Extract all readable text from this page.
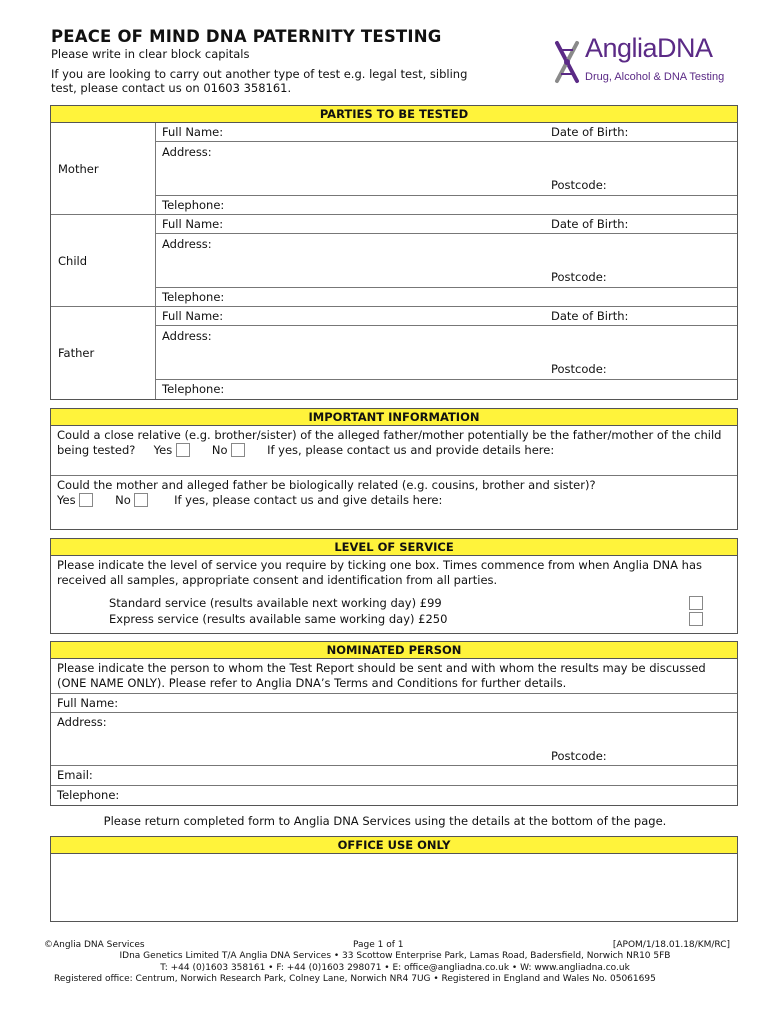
PEACE OF MIND DNA PATERNITY TESTING
Please write in clear block capitals
If you are looking to carry out another type of test e.g. legal test, sibling test, please contact us on 01603 358161.
AngliaDNA
Drug, Alcohol & DNA Testing
PARTIES TO BE TESTED
Mother
Full Name:	Date of Birth:
Address:
Postcode:
Telephone:
Child
Full Name:	Date of Birth:
Address:
Postcode:
Telephone:
Father
Full Name:	Date of Birth:
Address:
Postcode:
Telephone:
IMPORTANT INFORMATION
Could a close relative (e.g. brother/sister) of the alleged father/mother potentially be the father/mother of the child being tested? Yes	No	If yes, please contact us and provide details here:
Could the mother and alleged father be biologically related (e.g. cousins, brother and sister)?
Yes	No	If yes, please contact us and give details here:
LEVEL OF SERVICE
Please indicate the level of service you require by ticking one box. Times commence from when Anglia DNA has received all samples, appropriate consent and identification from all parties.
Standard service (results available next working day) £99
Express service (results available same working day) £250
NOMINATED PERSON
Please indicate the person to whom the Test Report should be sent and with whom the results may be discussed (ONE NAME ONLY). Please refer to Anglia DNA’s Terms and Conditions for further details.
Full Name:
Address:
Postcode:
Email:
Telephone:
Please return completed form to Anglia DNA Services using the details at the bottom of the page.
OFFICE USE ONLY
©Anglia DNA Services	Page 1 of 1	[APOM/1/18.01.18/KM/RC]
IDna Genetics Limited T/A Anglia DNA Services • 33 Scottow Enterprise Park, Lamas Road, Badersfield, Norwich NR10 5FB
T: +44 (0)1603 358161 • F: +44 (0)1603 298071 • E: office@angliadna.co.uk • W: www.angliadna.co.uk
Registered office: Centrum, Norwich Research Park, Colney Lane, Norwich NR4 7UG • Registered in England and Wales No. 05061695
